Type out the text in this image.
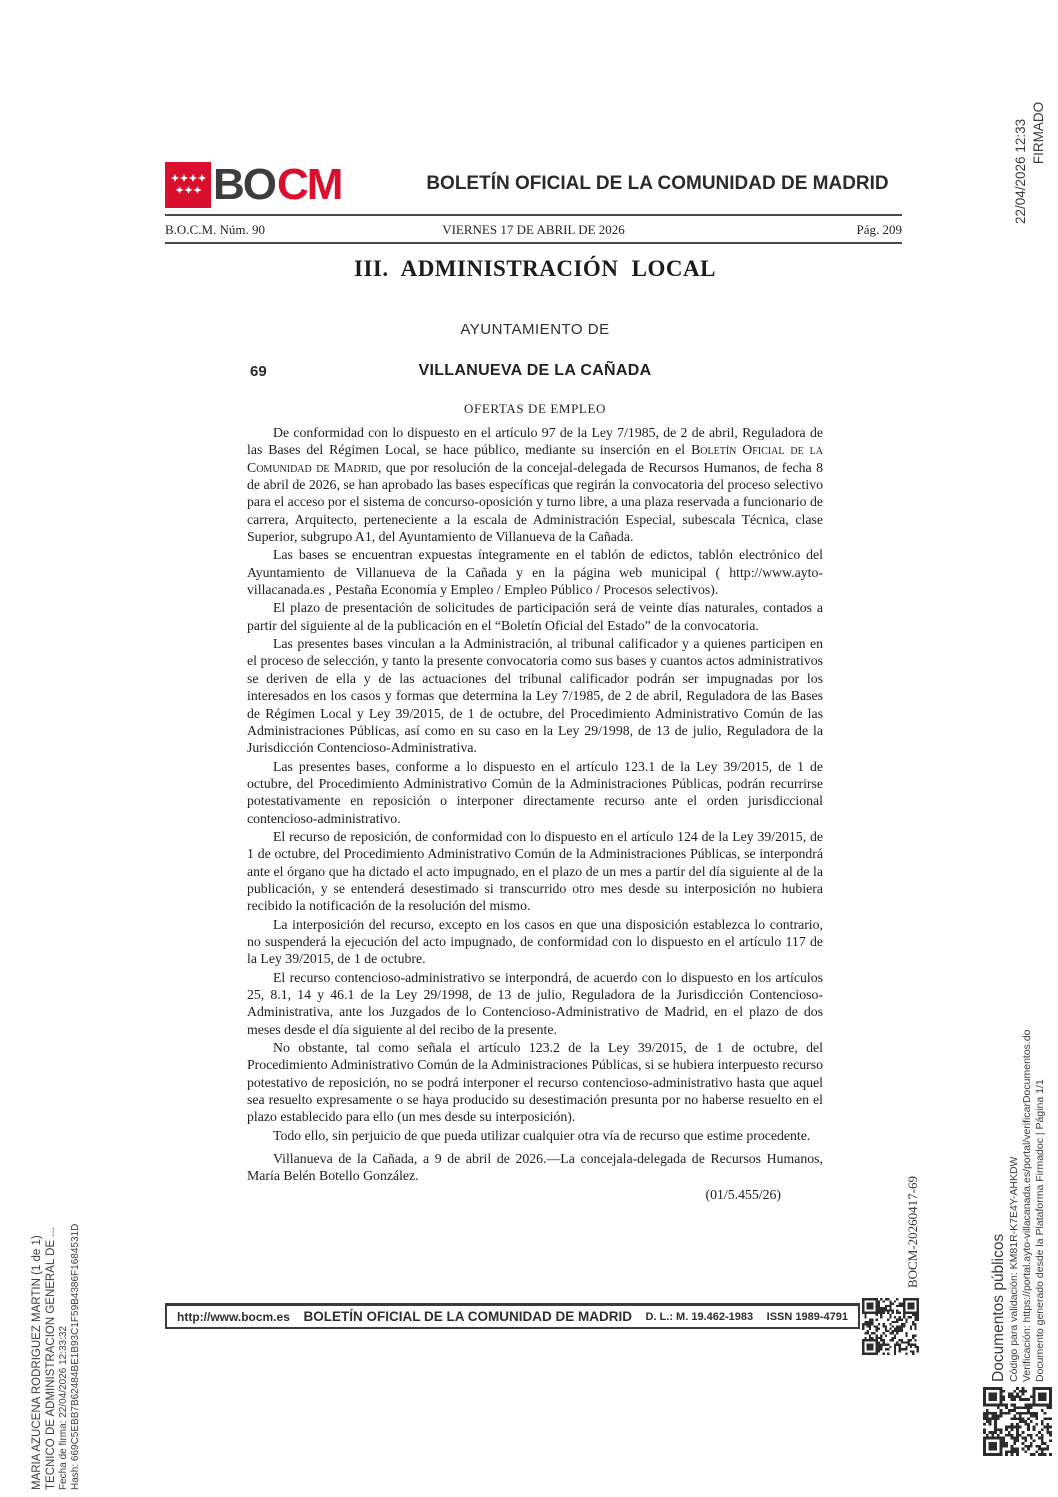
BO CM	BOLETÍN OFICIAL DE LA COMUNIDAD DE MADRID
B.O.C.M. Núm. 90	VIERNES 17 DE ABRIL DE 2026	Pág. 209
III. ADMINISTRACIÓN LOCAL
AYUNTAMIENTO DE
69	VILLANUEVA DE LA CAÑADA
OFERTAS DE EMPLEO

De conformidad con lo dispuesto en el artículo 97 de la Ley 7/1985, de 2 de abril, Reguladora de las Bases del Régimen Local, se hace público, mediante su inserción en el Boletín Oficial de la Comunidad de Madrid, que por resolución de la concejal-delegada de Recursos Humanos, de fecha 8 de abril de 2026, se han aprobado las bases específicas que regirán la convocatoria del proceso selectivo para el acceso por el sistema de concurso-oposición y turno libre, a una plaza reservada a funcionario de carrera, Arquitecto, perteneciente a la escala de Administración Especial, subescala Técnica, clase Superior, subgrupo A1, del Ayuntamiento de Villanueva de la Cañada.

Las bases se encuentran expuestas íntegramente en el tablón de edictos, tablón electrónico del Ayuntamiento de Villanueva de la Cañada y en la página web municipal ( http://www.ayto-villacanada.es , Pestaña Economía y Empleo / Empleo Público / Procesos selectivos).

El plazo de presentación de solicitudes de participación será de veinte días naturales, contados a partir del siguiente al de la publicación en el “Boletín Oficial del Estado” de la convocatoria.

Las presentes bases vinculan a la Administración, al tribunal calificador y a quienes participen en el proceso de selección, y tanto la presente convocatoria como sus bases y cuantos actos administrativos se deriven de ella y de las actuaciones del tribunal calificador podrán ser impugnadas por los interesados en los casos y formas que determina la Ley 7/1985, de 2 de abril, Reguladora de las Bases de Régimen Local y Ley 39/2015, de 1 de octubre, del Procedimiento Administrativo Común de las Administraciones Públicas, así como en su caso en la Ley 29/1998, de 13 de julio, Reguladora de la Jurisdicción Contencioso-Administrativa.

Las presentes bases, conforme a lo dispuesto en el artículo 123.1 de la Ley 39/2015, de 1 de octubre, del Procedimiento Administrativo Común de la Administraciones Públicas, podrán recurrirse potestativamente en reposición o interponer directamente recurso ante el orden jurisdiccional contencioso-administrativo.

El recurso de reposición, de conformidad con lo dispuesto en el artículo 124 de la Ley 39/2015, de 1 de octubre, del Procedimiento Administrativo Común de la Administraciones Públicas, se interpondrá ante el órgano que ha dictado el acto impugnado, en el plazo de un mes a partir del día siguiente al de la publicación, y se entenderá desestimado si transcurrido otro mes desde su interposición no hubiera recibido la notificación de la resolución del mismo.

La interposición del recurso, excepto en los casos en que una disposición establezca lo contrario, no suspenderá la ejecución del acto impugnado, de conformidad con lo dispuesto en el artículo 117 de la Ley 39/2015, de 1 de octubre.

El recurso contencioso-administrativo se interpondrá, de acuerdo con lo dispuesto en los artículos 25, 8.1, 14 y 46.1 de la Ley 29/1998, de 13 de julio, Reguladora de la Jurisdicción Contencioso-Administrativa, ante los Juzgados de lo Contencioso-Administrativo de Madrid, en el plazo de dos meses desde el día siguiente al del recibo de la presente.

No obstante, tal como señala el artículo 123.2 de la Ley 39/2015, de 1 de octubre, del Procedimiento Administrativo Común de la Administraciones Públicas, si se hubiera interpuesto recurso potestativo de reposición, no se podrá interponer el recurso contencioso-administrativo hasta que aquel sea resuelto expresamente o se haya producido su desestimación presunta por no haberse resuelto en el plazo establecido para ello (un mes desde su interposición).

Todo ello, sin perjuicio de que pueda utilizar cualquier otra vía de recurso que estime procedente.

Villanueva de la Cañada, a 9 de abril de 2026.—La concejala-delegada de Recursos Humanos, María Belén Botello González.

(01/5.455/26)

http://www.bocm.es BOLETÍN OFICIAL DE LA COMUNIDAD DE MADRID D. L.: M. 19.462-1983 ISSN 1989-4791
BOCM-20260417-69
MARIA AZUCENA RODRIGUEZ MARTIN (1 de 1) TECNICO DE ADMINISTRACION GENERAL DE ... Fecha de firma: 22/04/2026 12:33:32 Hash: 669C5EBB7B62484BE1B93C1F59B4386F1684531D
22/04/2026 12:33 FIRMADO
Documentos públicos Código para validación: KM81R-K7E4Y-AHKDW Verificación: https://portal.ayto-villacanada.es/portal/verificarDocumentos.do Documento generado desde la Plataforma Firmadoc | Página 1/1
